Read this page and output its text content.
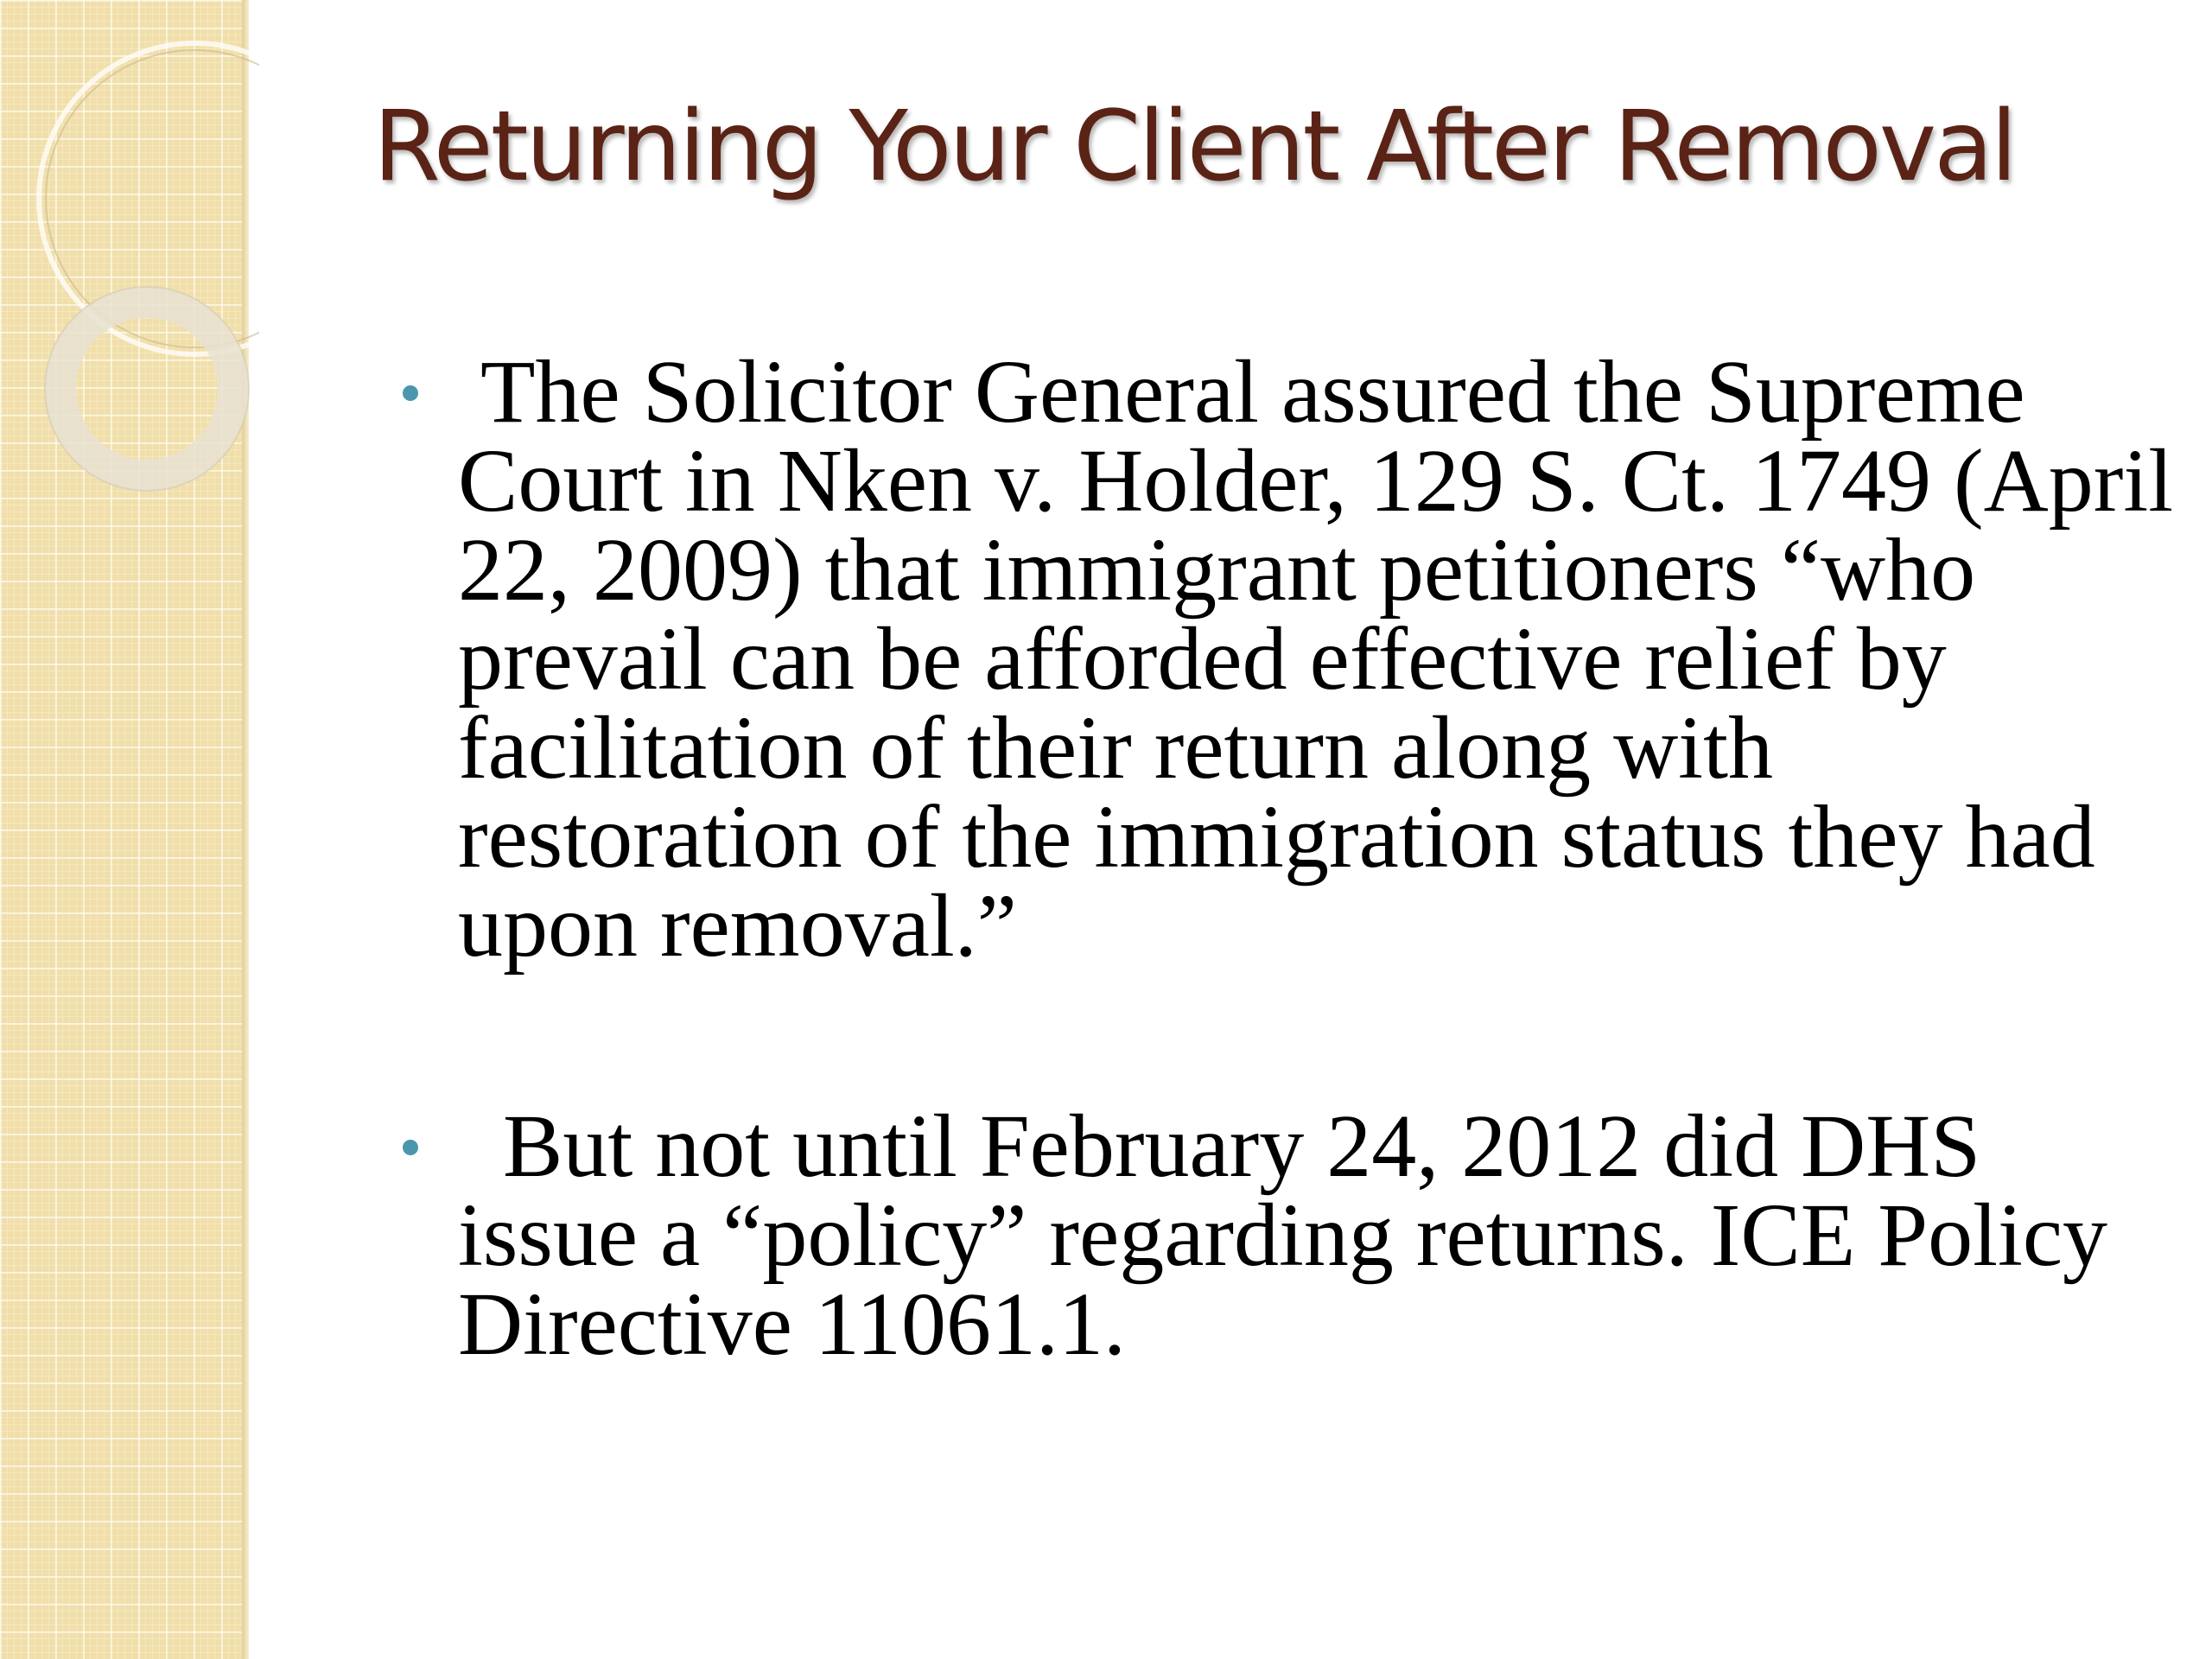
Returning Your Client After Removal
The Solicitor General assured the Supreme Court in Nken v. Holder, 129 S. Ct. 1749 (April 22, 2009) that immigrant petitioners “who prevail can be afforded effective relief by facilitation of their return along with restoration of the immigration status they had upon removal.”
But not until February 24, 2012 did DHS issue a “policy” regarding returns. ICE Policy Directive 11061.1.
